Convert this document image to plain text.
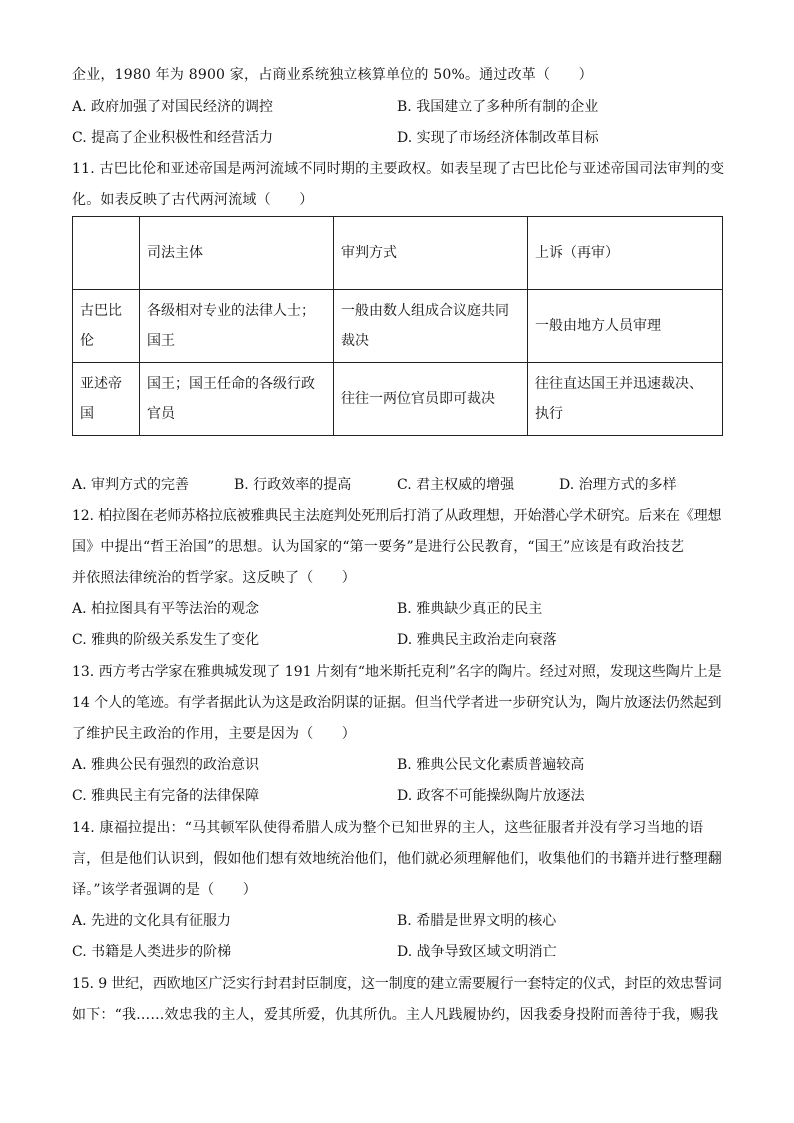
企业，1980 年为 8900 家，占商业系统独立核算单位的 50%。通过改革（　　）
A. 政府加强了对国民经济的调控	B. 我国建立了多种所有制的企业
C. 提高了企业积极性和经营活力	D. 实现了市场经济体制改革目标
11. 古巴比伦和亚述帝国是两河流域不同时期的主要政权。如表呈现了古巴比伦与亚述帝国司法审判的变
化。如表反映了古代两河流域（　　）
	司法主体	审判方式	上诉（再审）
古巴比伦	各级相对专业的法律人士；国王	一般由数人组成合议庭共同裁决	一般由地方人员审理
亚述帝国	国王；国王任命的各级行政官员	往往一两位官员即可裁决	往往直达国王并迅速裁决、执行
A. 审判方式的完善	B. 行政效率的提高	C. 君主权威的增强	D. 治理方式的多样
12. 柏拉图在老师苏格拉底被雅典民主法庭判处死刑后打消了从政理想，开始潜心学术研究。后来在《理想
国》中提出“哲王治国”的思想。认为国家的“第一要务”是进行公民教育，“国王”应该是有政治技艺
并依照法律统治的哲学家。这反映了（　　）
A. 柏拉图具有平等法治的观念	B. 雅典缺少真正的民主
C. 雅典的阶级关系发生了变化	D. 雅典民主政治走向衰落
13. 西方考古学家在雅典城发现了 191 片刻有“地米斯托克利”名字的陶片。经过对照，发现这些陶片上是
14 个人的笔迹。有学者据此认为这是政治阴谋的证据。但当代学者进一步研究认为，陶片放逐法仍然起到
了维护民主政治的作用，主要是因为（　　）
A. 雅典公民有强烈的政治意识	B. 雅典公民文化素质普遍较高
C. 雅典民主有完备的法律保障	D. 政客不可能操纵陶片放逐法
14. 康福拉提出：“马其顿军队使得希腊人成为整个已知世界的主人，这些征服者并没有学习当地的语
言，但是他们认识到，假如他们想有效地统治他们，他们就必须理解他们，收集他们的书籍并进行整理翻
译。”该学者强调的是（　　）
A. 先进的文化具有征服力	B. 希腊是世界文明的核心
C. 书籍是人类进步的阶梯	D. 战争导致区域文明消亡
15. 9 世纪，西欧地区广泛实行封君封臣制度，这一制度的建立需要履行一套特定的仪式，封臣的效忠誓词
如下：“我……效忠我的主人，爱其所爱，仇其所仇。主人凡践履协约，因我委身投附而善待于我，赐我
